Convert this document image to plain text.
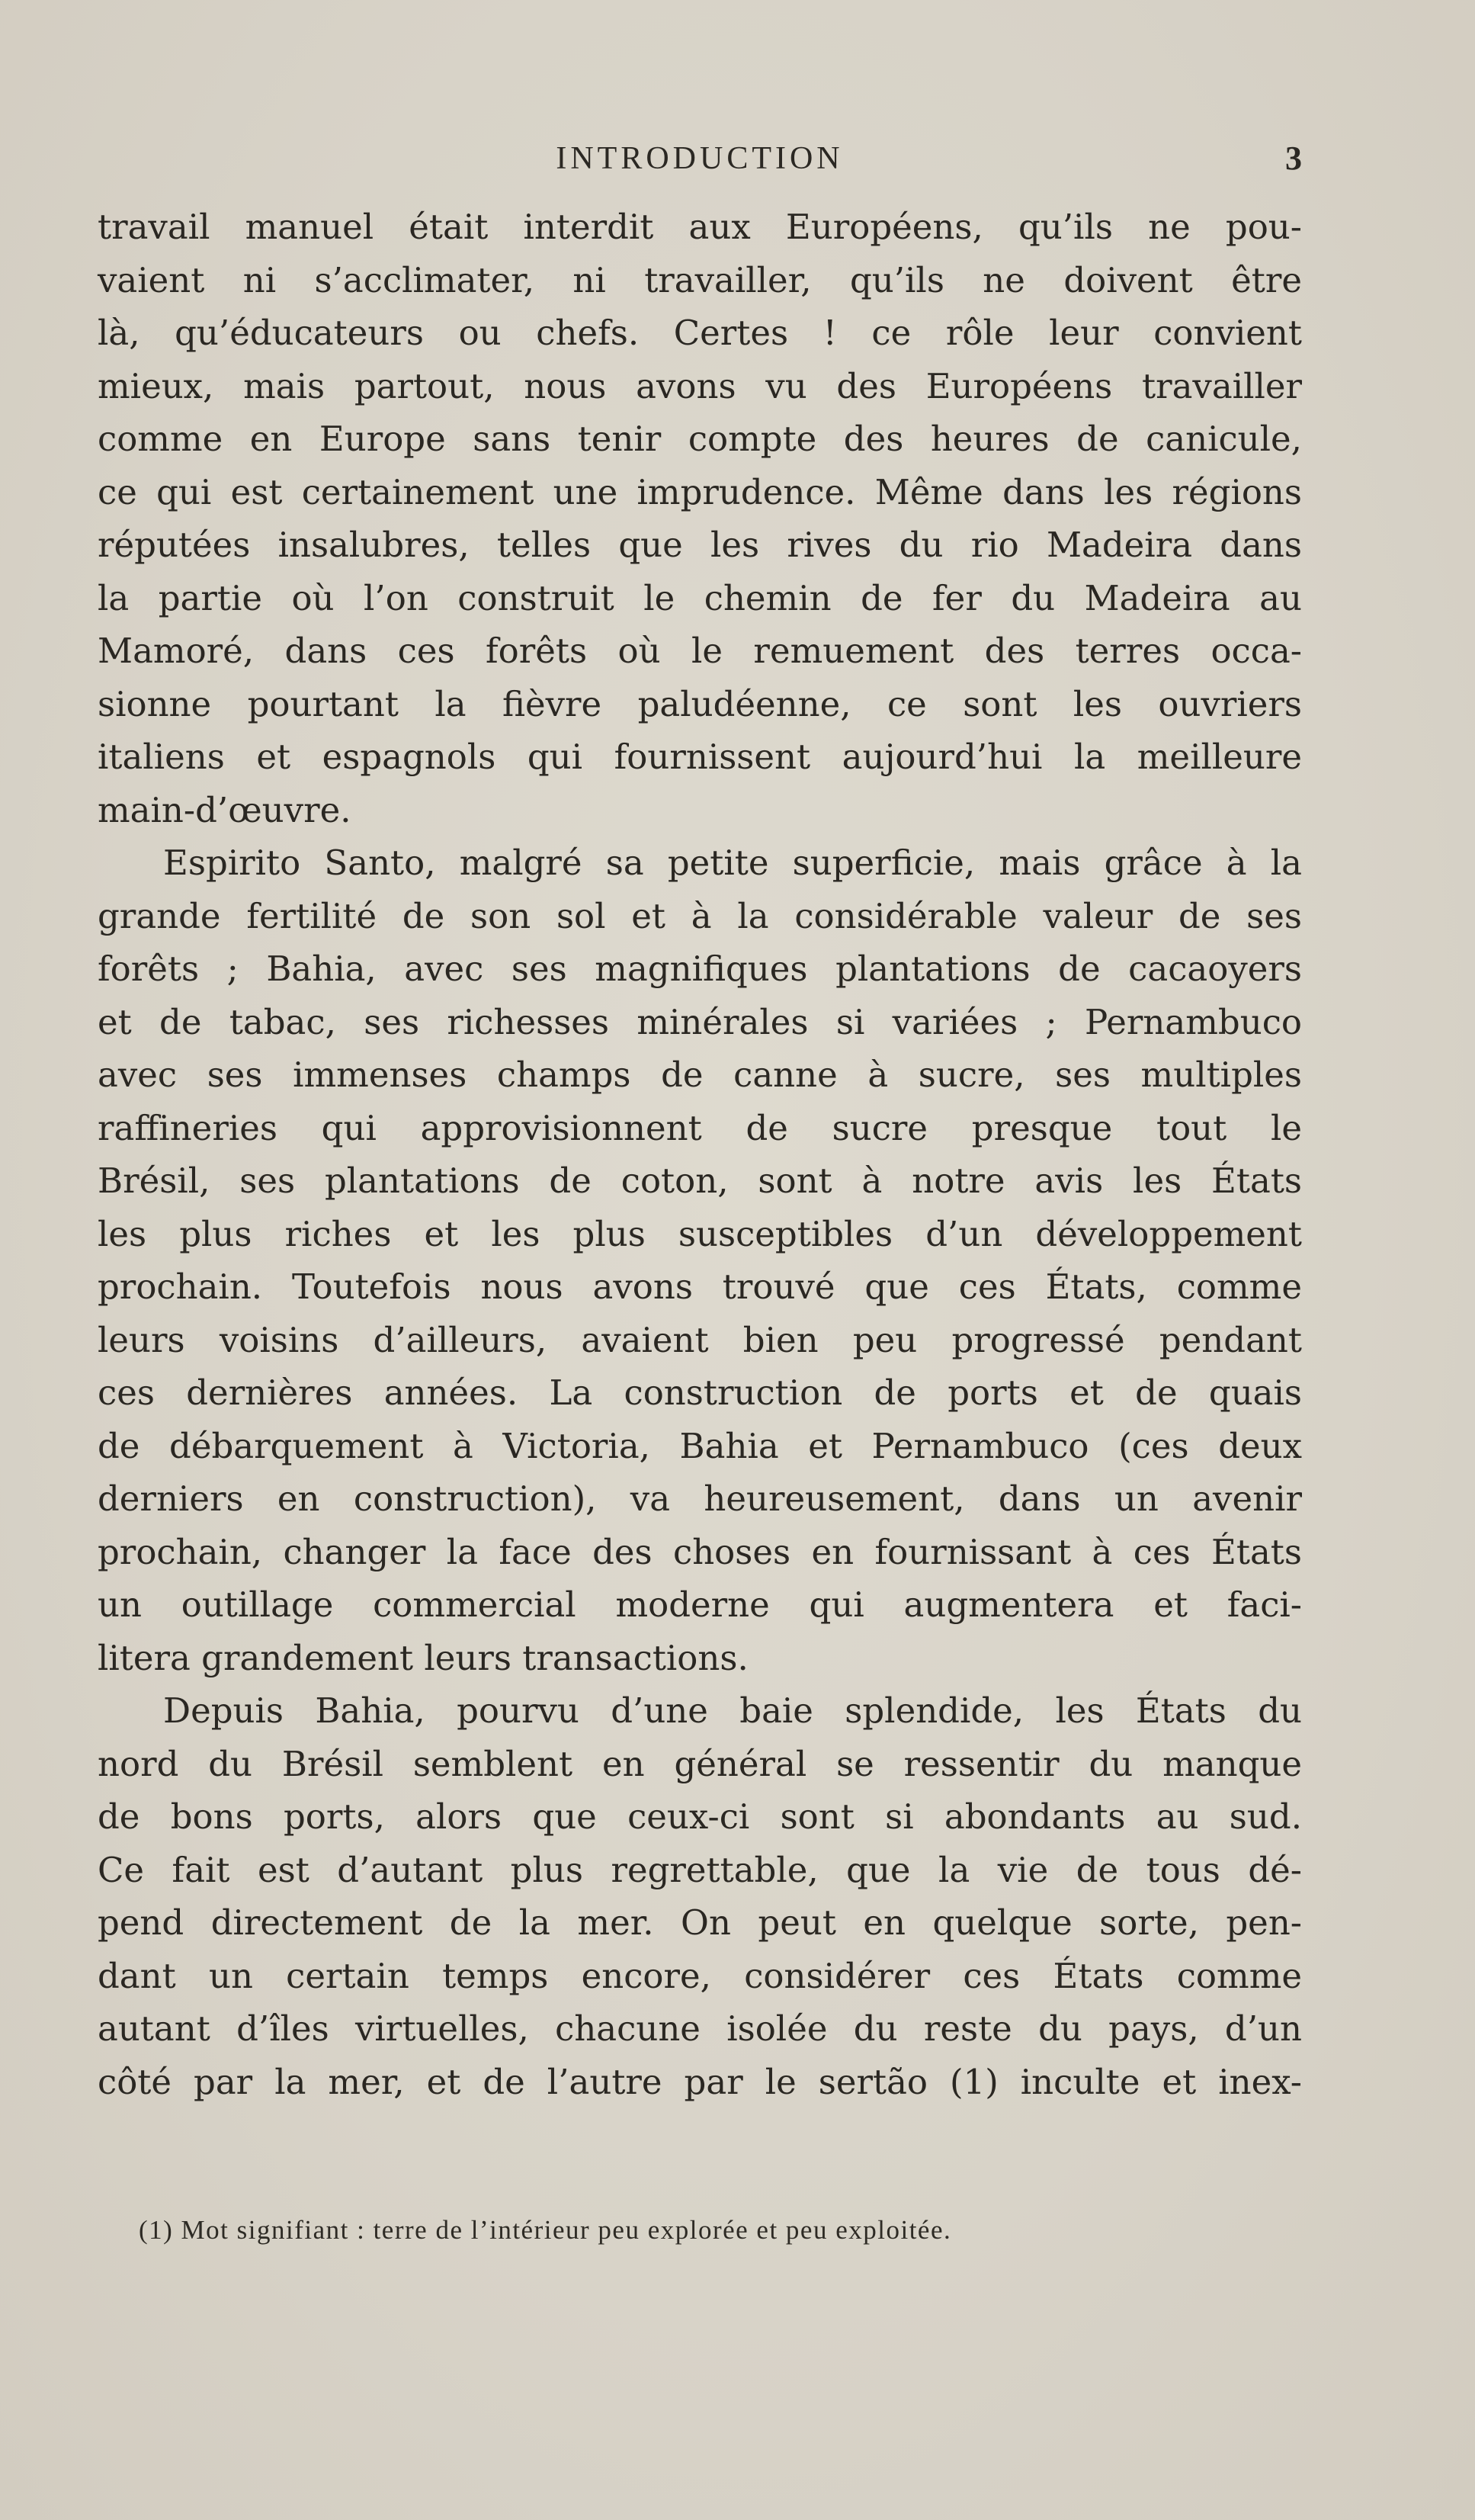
INTRODUCTION	3
travail manuel était interdit aux Européens, qu’ils ne pou-
vaient ni s’acclimater, ni travailler, qu’ils ne doivent être
là, qu’éducateurs ou chefs. Certes ! ce rôle leur convient
mieux, mais partout, nous avons vu des Européens travailler
comme en Europe sans tenir compte des heures de canicule,
ce qui est certainement une imprudence. Même dans les régions
réputées insalubres, telles que les rives du rio Madeira dans
la partie où l’on construit le chemin de fer du Madeira au
Mamoré, dans ces forêts où le remuement des terres occa-
sionne pourtant la fièvre paludéenne, ce sont les ouvriers
italiens et espagnols qui fournissent aujourd’hui la meilleure
main-d’œuvre.
Espirito Santo, malgré sa petite superficie, mais grâce à la
grande fertilité de son sol et à la considérable valeur de ses
forêts ; Bahia, avec ses magnifiques plantations de cacaoyers
et de tabac, ses richesses minérales si variées ; Pernambuco
avec ses immenses champs de canne à sucre, ses multiples
raffineries qui approvisionnent de sucre presque tout le
Brésil, ses plantations de coton, sont à notre avis les États
les plus riches et les plus susceptibles d’un développement
prochain. Toutefois nous avons trouvé que ces États, comme
leurs voisins d’ailleurs, avaient bien peu progressé pendant
ces dernières années. La construction de ports et de quais
de débarquement à Victoria, Bahia et Pernambuco (ces deux
derniers en construction), va heureusement, dans un avenir
prochain, changer la face des choses en fournissant à ces États
un outillage commercial moderne qui augmentera et faci-
litera grandement leurs transactions.
Depuis Bahia, pourvu d’une baie splendide, les États du
nord du Brésil semblent en général se ressentir du manque
de bons ports, alors que ceux-ci sont si abondants au sud.
Ce fait est d’autant plus regrettable, que la vie de tous dé-
pend directement de la mer. On peut en quelque sorte, pen-
dant un certain temps encore, considérer ces États comme
autant d’îles virtuelles, chacune isolée du reste du pays, d’un
côté par la mer, et de l’autre par le sertão (1) inculte et inex-
(1) Mot signifiant : terre de l’intérieur peu explorée et peu exploitée.
